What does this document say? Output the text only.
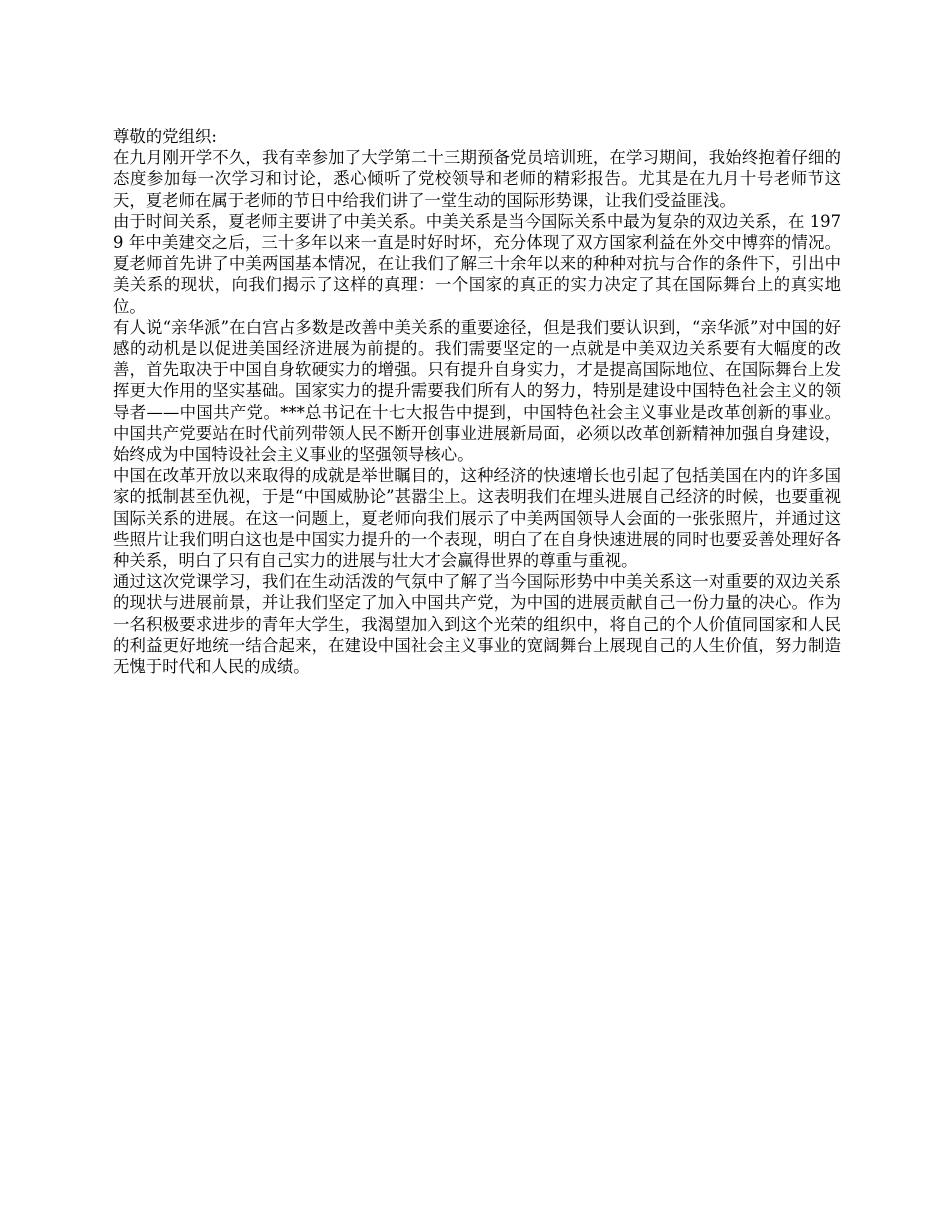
尊敬的党组织:

在九月刚开学不久，我有幸参加了大学第二十三期预备党员培训班，在学习期间，我始终抱着仔细的态度参加每一次学习和讨论，悉心倾听了党校领导和老师的精彩报告。尤其是在九月十号老师节这天，夏老师在属于老师的节日中给我们讲了一堂生动的国际形势课，让我们受益匪浅。

由于时间关系，夏老师主要讲了中美关系。中美关系是当今国际关系中最为复杂的双边关系，在 1979 年中美建交之后，三十多年以来一直是时好时坏，充分体现了双方国家利益在外交中博弈的情况。夏老师首先讲了中美两国基本情况，在让我们了解三十余年以来的种种对抗与合作的条件下，引出中美关系的现状，向我们揭示了这样的真理：一个国家的真正的实力决定了其在国际舞台上的真实地位。

有人说“亲华派”在白宫占多数是改善中美关系的重要途径，但是我们要认识到，“亲华派”对中国的好感的动机是以促进美国经济进展为前提的。我们需要坚定的一点就是中美双边关系要有大幅度的改善，首先取决于中国自身软硬实力的增强。只有提升自身实力，才是提高国际地位、在国际舞台上发挥更大作用的坚实基础。国家实力的提升需要我们所有人的努力，特别是建设中国特色社会主义的领导者——中国共产党。***总书记在十七大报告中提到，中国特色社会主义事业是改革创新的事业。中国共产党要站在时代前列带领人民不断开创事业进展新局面，必须以改革创新精神加强自身建设，始终成为中国特设社会主义事业的坚强领导核心。

中国在改革开放以来取得的成就是举世瞩目的，这种经济的快速增长也引起了包括美国在内的许多国家的抵制甚至仇视，于是“中国威胁论”甚嚣尘上。这表明我们在埋头进展自己经济的时候，也要重视国际关系的进展。在这一问题上，夏老师向我们展示了中美两国领导人会面的一张张照片，并通过这些照片让我们明白这也是中国实力提升的一个表现，明白了在自身快速进展的同时也要妥善处理好各种关系，明白了只有自己实力的进展与壮大才会赢得世界的尊重与重视。

通过这次党课学习，我们在生动活泼的气氛中了解了当今国际形势中中美关系这一对重要的双边关系的现状与进展前景，并让我们坚定了加入中国共产党，为中国的进展贡献自己一份力量的决心。作为一名积极要求进步的青年大学生，我渴望加入到这个光荣的组织中，将自己的个人价值同国家和人民的利益更好地统一结合起来，在建设中国社会主义事业的宽阔舞台上展现自己的人生价值，努力制造无愧于时代和人民的成绩。
